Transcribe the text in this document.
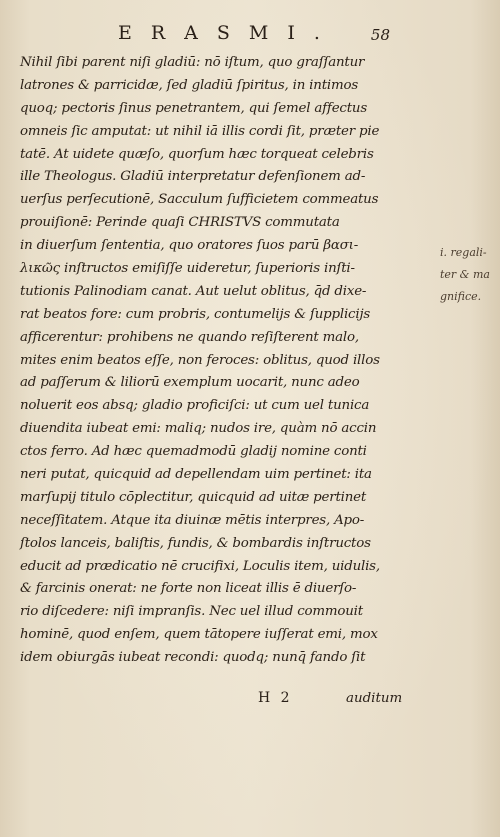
ERASMI. 58
Nihil ſibi parent niſi gladiū: nō iſtum, quo graſſantur
latrones & parricidæ, ſed gladiū ſpiritus, in intimos
quoq; pectoris ſinus penetrantem, qui ſemel affectus
omneis ſic amputat: ut nihil iā illis cordi ſit, præter pie
tatē. At uidete quæſo, quorſum hæc torqueat celebris
ille Theologus. Gladiū interpretatur defenſionem ad-
uerſus perſecutionē, Sacculum ſufficietem commeatus
prouiſionē: Perinde quaſi CHRISTVS commutata
in diuerſum ſententia, quo oratores ſuos parū βασι-
λικῶς inſtructos emiſiſſe uideretur, ſuperioris inſti-
tutionis Palinodiam canat. Aut uelut oblitus, q̄d dixe-
rat beatos fore: cum probris, contumelijs & ſupplicijs
afficerentur: prohibens ne quando reſiſterent malo,
mites enim beatos eſſe, non feroces: oblitus, quod illos
ad paſſerum & liliorū exemplum uocarit, nunc adeo
noluerit eos absq; gladio proficiſci: ut cum uel tunica
diuendita iubeat emi: maliq; nudos ire, quàm nō accin
ctos ferro. Ad hæc quemadmodū gladij nomine conti
neri putat, quicquid ad depellendam uim pertinet: ita
marſupij titulo cōplectitur, quicquid ad uitæ pertinet
neceſſitatem. Atque ita diuinæ mētis interpres, Apo-
ſtolos lanceis, baliſtis, fundis, & bombardis inſtructos
educit ad prædicatio nē crucifixi, Loculis item, uidulis,
& farcinis onerat: ne forte non liceat illis ē diuerſo-
rio diſcedere: niſi impranſis. Nec uel illud commouit
hominē, quod enſem, quem tātopere iuſſerat emi, mox
idem obiurgās iubeat recondi: quodq; nunq̄ fando ſit
i. regali-
ter & ma
gnifice.
H 2	auditum
